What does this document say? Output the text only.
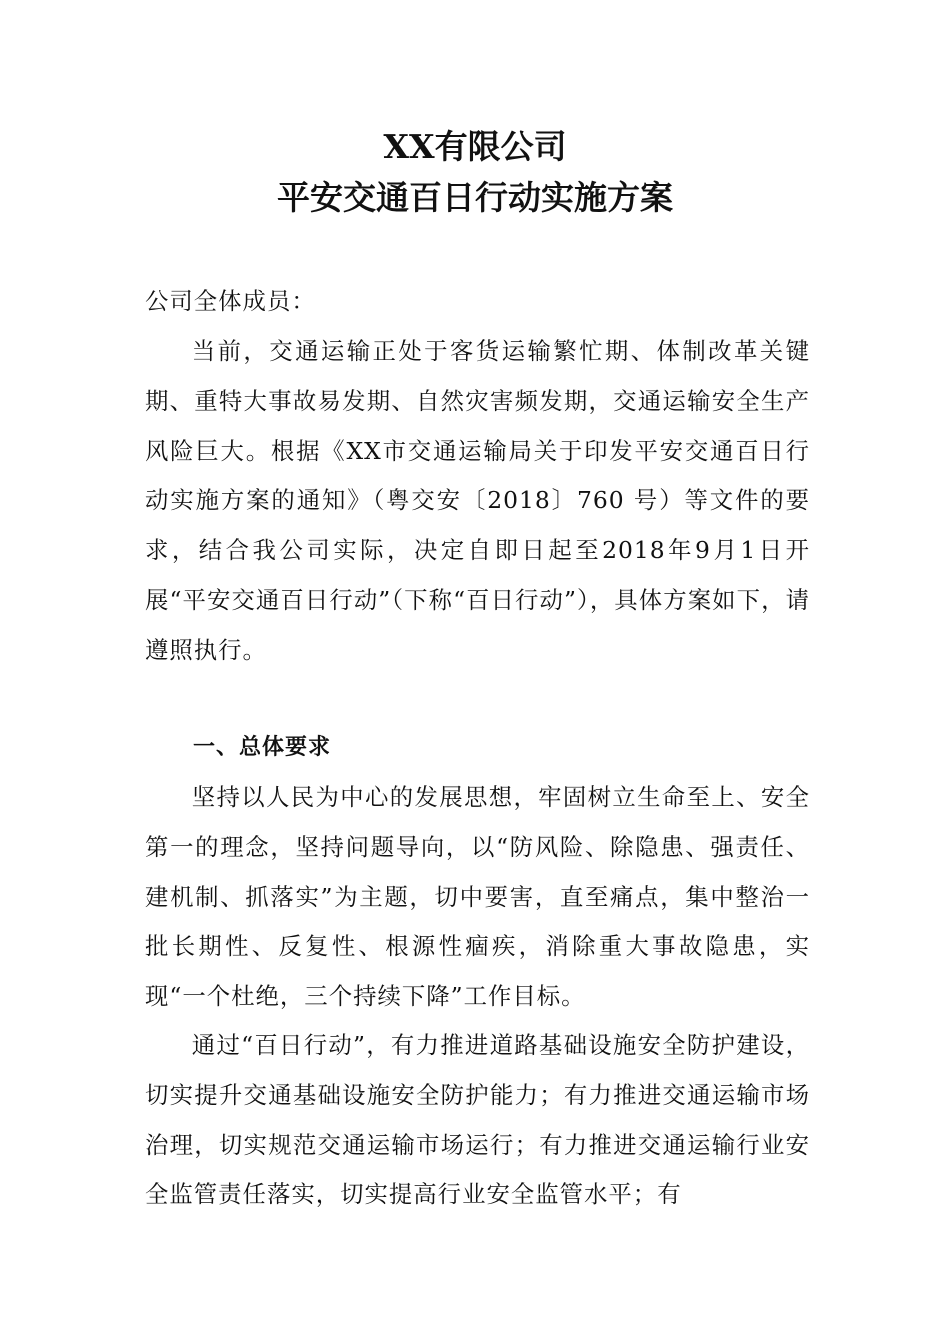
XX有限公司
平安交通百日行动实施方案

公司全体成员：

当前，交通运输正处于客货运输繁忙期、体制改革关键期、重特大事故易发期、自然灾害频发期，交通运输安全生产风险巨大。根据《XX市交通运输局关于印发平安交通百日行动实施方案的通知》（粤交安〔2018〕760 号）等文件的要求，结合我公司实际，决定自即日起至2018年9月1日开展“平安交通百日行动”（下称“百日行动”），具体方案如下，请遵照执行。

一、总体要求

坚持以人民为中心的发展思想，牢固树立生命至上、安全第一的理念，坚持问题导向，以“防风险、除隐患、强责任、建机制、抓落实”为主题，切中要害，直至痛点，集中整治一批长期性、反复性、根源性痼疾，消除重大事故隐患，实现“一个杜绝，三个持续下降”工作目标。

通过“百日行动”，有力推进道路基础设施安全防护建设，切实提升交通基础设施安全防护能力；有力推进交通运输市场治理，切实规范交通运输市场运行；有力推进交通运输行业安全监管责任落实，切实提高行业安全监管水平；有
